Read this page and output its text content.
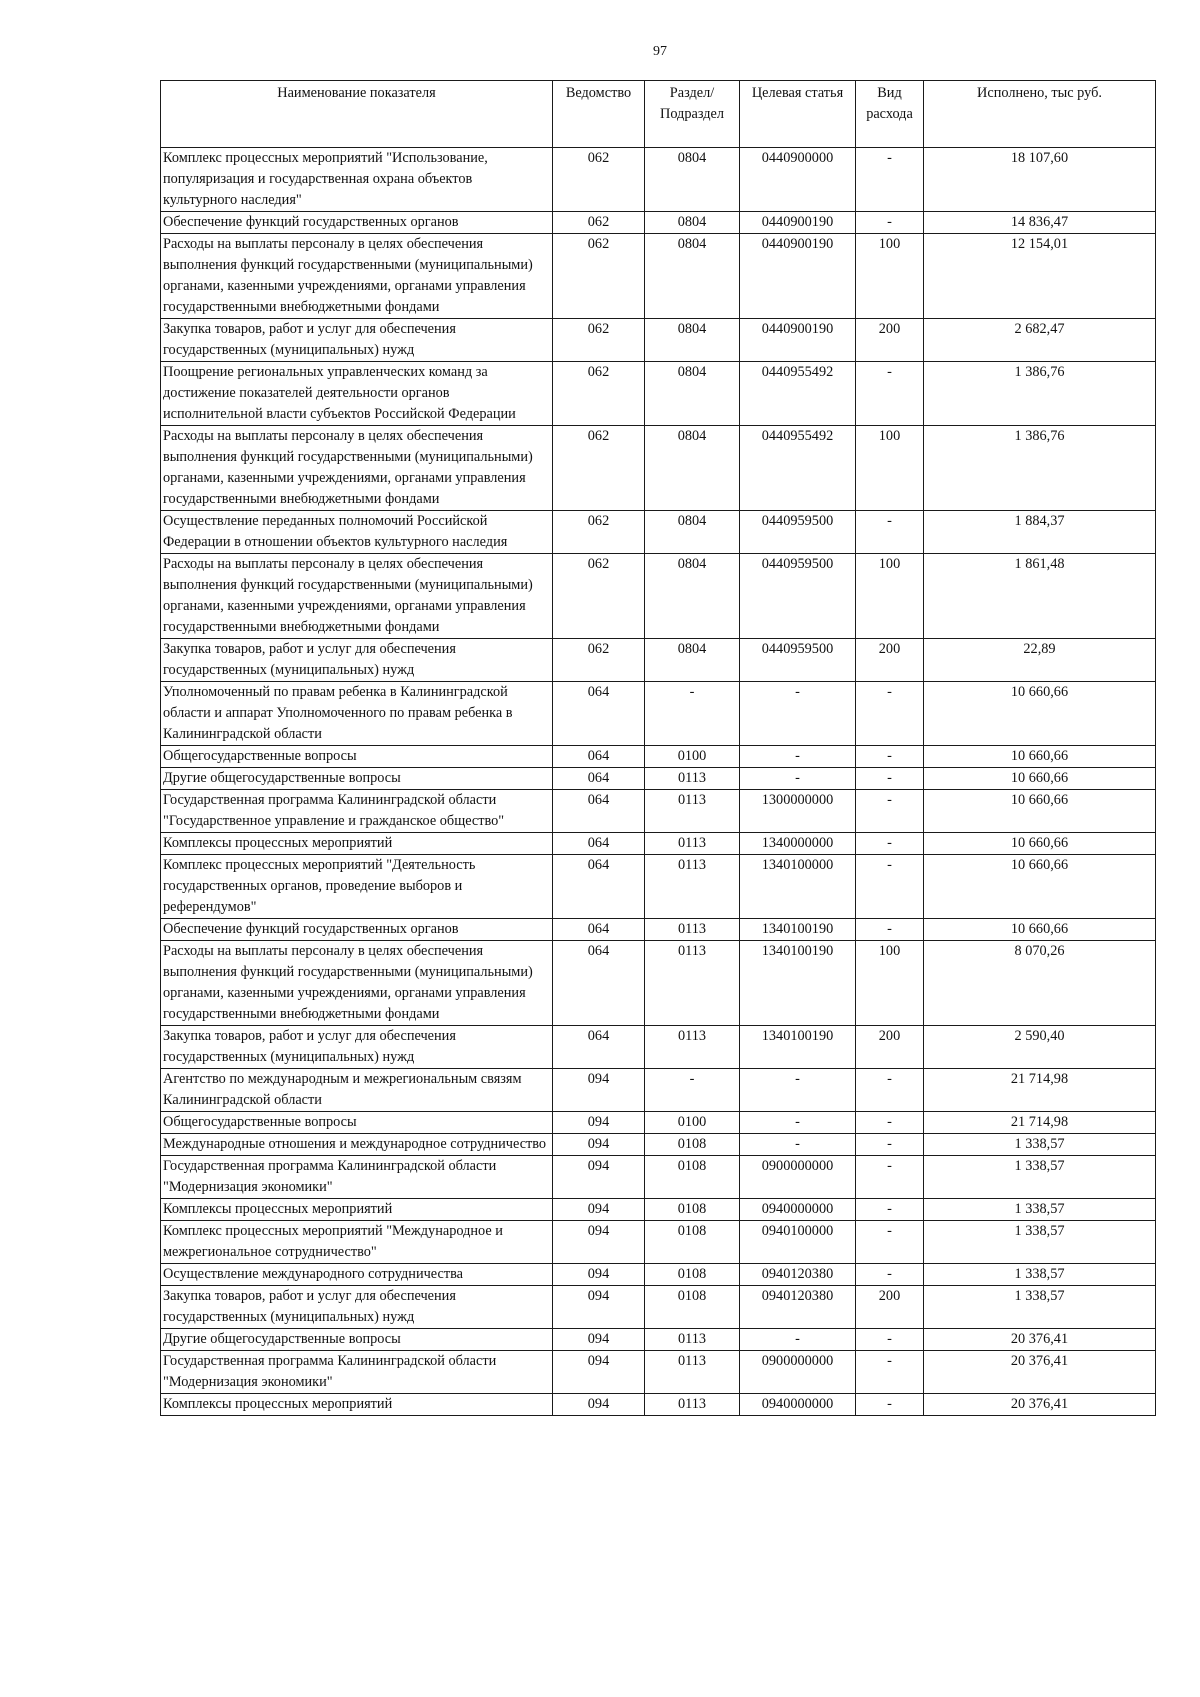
97
Наименование показателя	Ведомство	Раздел/ Подраздел	Целевая статья	Вид расхода	Исполнено, тыс руб.
Комплекс процессных мероприятий "Использование, популяризация и государственная охрана объектов культурного наследия"	062	0804	0440900000	-	18 107,60
Обеспечение функций государственных органов	062	0804	0440900190	-	14 836,47
Расходы на выплаты персоналу в целях обеспечения выполнения функций государственными (муниципальными) органами, казенными учреждениями, органами управления государственными внебюджетными фондами	062	0804	0440900190	100	12 154,01
Закупка товаров, работ и услуг для обеспечения государственных (муниципальных) нужд	062	0804	0440900190	200	2 682,47
Поощрение региональных управленческих команд за достижение показателей деятельности органов исполнительной власти субъектов Российской Федерации	062	0804	0440955492	-	1 386,76
Расходы на выплаты персоналу в целях обеспечения выполнения функций государственными (муниципальными) органами, казенными учреждениями, органами управления государственными внебюджетными фондами	062	0804	0440955492	100	1 386,76
Осуществление переданных полномочий Российской Федерации в отношении объектов культурного наследия	062	0804	0440959500	-	1 884,37
Расходы на выплаты персоналу в целях обеспечения выполнения функций государственными (муниципальными) органами, казенными учреждениями, органами управления государственными внебюджетными фондами	062	0804	0440959500	100	1 861,48
Закупка товаров, работ и услуг для обеспечения государственных (муниципальных) нужд	062	0804	0440959500	200	22,89
Уполномоченный по правам ребенка в Калининградской области и аппарат Уполномоченного по правам ребенка в Калининградской области	064	-	-	-	10 660,66
Общегосударственные вопросы	064	0100	-	-	10 660,66
Другие общегосударственные вопросы	064	0113	-	-	10 660,66
Государственная программа Калининградской области "Государственное управление и гражданское общество"	064	0113	1300000000	-	10 660,66
Комплексы процессных мероприятий	064	0113	1340000000	-	10 660,66
Комплекс процессных мероприятий "Деятельность государственных органов, проведение выборов и референдумов"	064	0113	1340100000	-	10 660,66
Обеспечение функций государственных органов	064	0113	1340100190	-	10 660,66
Расходы на выплаты персоналу в целях обеспечения выполнения функций государственными (муниципальными) органами, казенными учреждениями, органами управления государственными внебюджетными фондами	064	0113	1340100190	100	8 070,26
Закупка товаров, работ и услуг для обеспечения государственных (муниципальных) нужд	064	0113	1340100190	200	2 590,40
Агентство по международным и межрегиональным связям Калининградской области	094	-	-	-	21 714,98
Общегосударственные вопросы	094	0100	-	-	21 714,98
Международные отношения и международное сотрудничество	094	0108	-	-	1 338,57
Государственная программа Калининградской области "Модернизация экономики"	094	0108	0900000000	-	1 338,57
Комплексы процессных мероприятий	094	0108	0940000000	-	1 338,57
Комплекс процессных мероприятий "Международное и межрегиональное сотрудничество"	094	0108	0940100000	-	1 338,57
Осуществление международного сотрудничества	094	0108	0940120380	-	1 338,57
Закупка товаров, работ и услуг для обеспечения государственных (муниципальных) нужд	094	0108	0940120380	200	1 338,57
Другие общегосударственные вопросы	094	0113	-	-	20 376,41
Государственная программа Калининградской области "Модернизация экономики"	094	0113	0900000000	-	20 376,41
Комплексы процессных мероприятий	094	0113	0940000000	-	20 376,41
